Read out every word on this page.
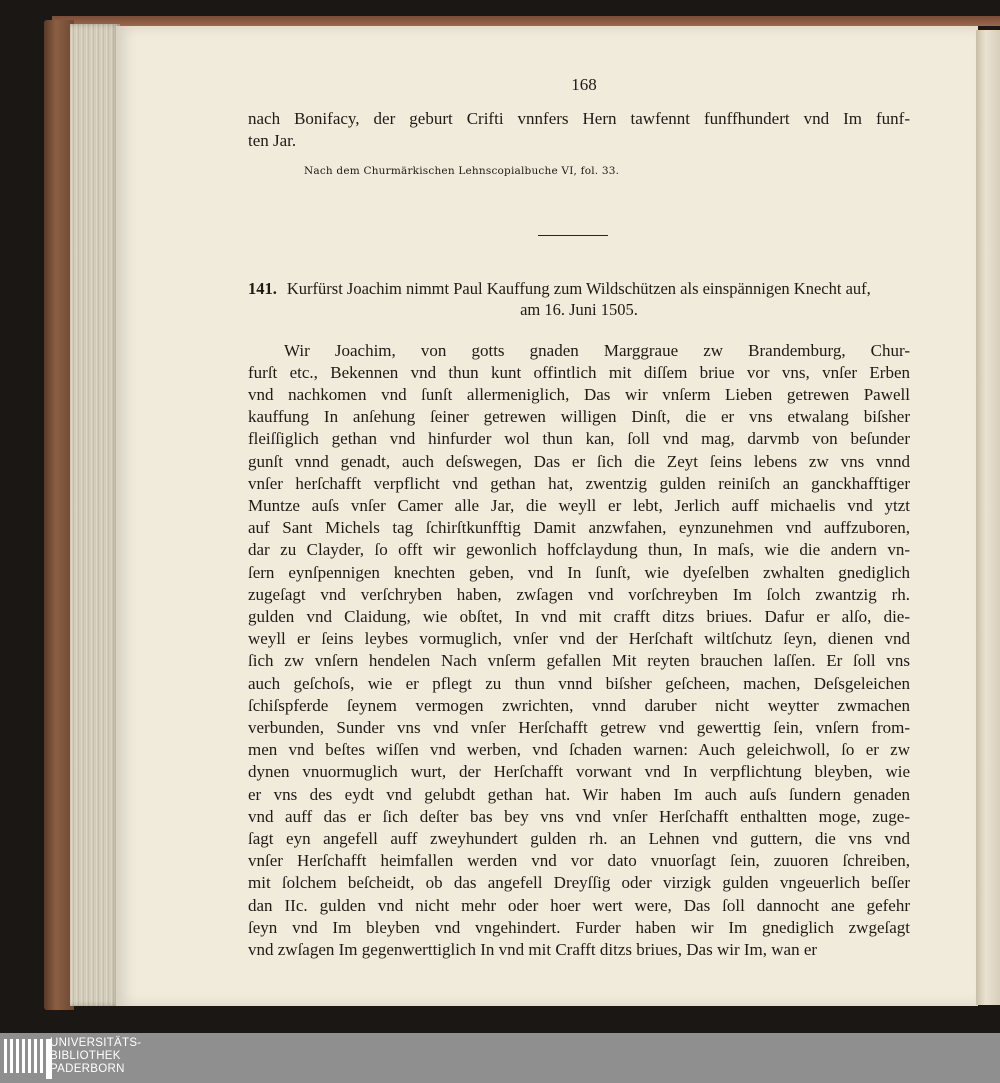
168
nach Bonifacy, der geburt Crifti vnnfers Hern tawfennt funffhundert vnd Im funf-
ten Jar.
Nach dem Churmärkischen Lehnscopialbuche VI, fol. 33.
141. Kurfürst Joachim nimmt Paul Kauffung zum Wildschützen als einspännigen Knecht auf,
am 16. Juni 1505.
Wir Joachim, von gotts gnaden Marggraue zw Brandemburg, Chur-
furſt etc., Bekennen vnd thun kunt offintlich mit diſſem briue vor vns, vnſer Erben
vnd nachkomen vnd ſunſt allermeniglich, Das wir vnſerm Lieben getrewen Pawell
kauffung In anſehung ſeiner getrewen willigen Dinſt, die er vns etwalang biſsher
fleiſſiglich gethan vnd hinfurder wol thun kan, ſoll vnd mag, darvmb von beſunder
gunſt vnnd genadt, auch deſswegen, Das er ſich die Zeyt ſeins lebens zw vns vnnd
vnſer herſchafft verpflicht vnd gethan hat, zwentzig gulden reiniſch an ganckhafftiger
Muntze auſs vnſer Camer alle Jar, die weyll er lebt, Jerlich auff michaelis vnd ytzt
auf Sant Michels tag ſchirſtkunfftig Damit anzwfahen, eynzunehmen vnd auffzuboren,
dar zu Clayder, ſo offt wir gewonlich hoffclaydung thun, In maſs, wie die andern vn-
ſern eynſpennigen knechten geben, vnd In ſunſt, wie dyeſelben zwhalten gnediglich
zugeſagt vnd verſchryben haben, zwſagen vnd vorſchreyben Im ſolch zwantzig rh.
gulden vnd Claidung, wie obſtet, In vnd mit crafft ditzs briues. Dafur er alſo, die-
weyll er ſeins leybes vormuglich, vnſer vnd der Herſchaft wiltſchutz ſeyn, dienen vnd
ſich zw vnſern hendelen Nach vnſerm gefallen Mit reyten brauchen laſſen. Er ſoll vns
auch geſchoſs, wie er pflegt zu thun vnnd biſsher geſcheen, machen, Deſsgeleichen
ſchiſspferde ſeynem vermogen zwrichten, vnnd daruber nicht weytter zwmachen
verbunden, Sunder vns vnd vnſer Herſchafft getrew vnd gewerttig ſein, vnſern from-
men vnd beſtes wiſſen vnd werben, vnd ſchaden warnen: Auch geleichwoll, ſo er zw
dynen vnuormuglich wurt, der Herſchafft vorwant vnd In verpflichtung bleyben, wie
er vns des eydt vnd gelubdt gethan hat. Wir haben Im auch auſs ſundern genaden
vnd auff das er ſich deſter bas bey vns vnd vnſer Herſchafft enthaltten moge, zuge-
ſagt eyn angefell auff zweyhundert gulden rh. an Lehnen vnd guttern, die vns vnd
vnſer Herſchafft heimfallen werden vnd vor dato vnuorſagt ſein, zuuoren ſchreiben,
mit ſolchem beſcheidt, ob das angefell Dreyſſig oder virzigk gulden vngeuerlich beſſer
dan IIc. gulden vnd nicht mehr oder hoer wert were, Das ſoll dannocht ane gefehr
ſeyn vnd Im bleyben vnd vngehindert. Furder haben wir Im gnediglich zwgeſagt
vnd zwſagen Im gegenwerttiglich In vnd mit Crafft ditzs briues, Das wir Im, wan er
UNIVERSITÄTS-
BIBLIOTHEK
PADERBORN
